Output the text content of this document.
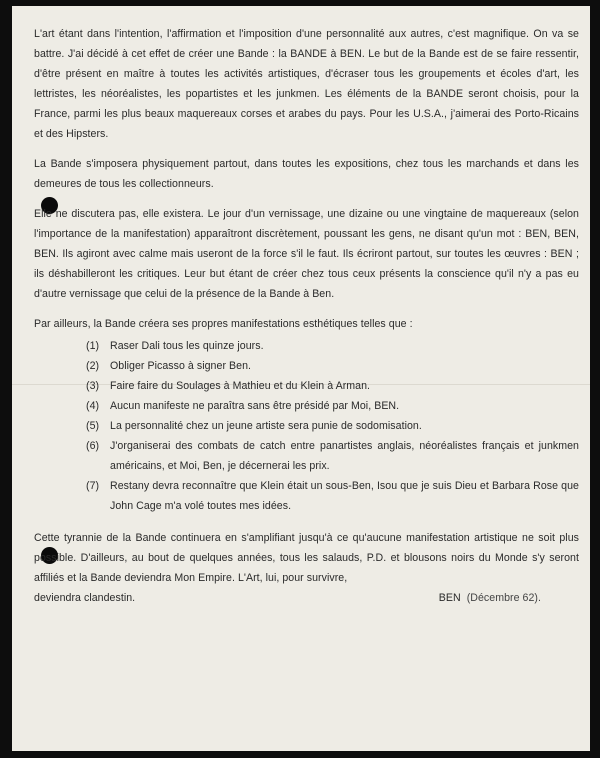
L'art étant dans l'intention, l'affirmation et l'imposition d'une personnalité aux autres, c'est magnifique. On va se battre. J'ai décidé à cet effet de créer une Bande : la BANDE à BEN. Le but de la Bande est de se faire ressentir, d'être présent en maître à toutes les activités artistiques, d'écraser tous les groupements et écoles d'art, les lettristes, les néoréalistes, les popartistes et les junkmen. Les éléments de la BANDE seront choisis, pour la France, parmi les plus beaux maquereaux corses et arabes du pays. Pour les U.S.A., j'aimerai des Porto-Ricains et des Hipsters.

La Bande s'imposera physiquement partout, dans toutes les expositions, chez tous les marchands et dans les demeures de tous les collectionneurs.

Elle ne discutera pas, elle existera. Le jour d'un vernissage, une dizaine ou une vingtaine de maquereaux (selon l'importance de la manifestation) apparaîtront discrètement, poussant les gens, ne disant qu'un mot : BEN, BEN, BEN. Ils agiront avec calme mais useront de la force s'il le faut. Ils écriront partout, sur toutes les œuvres : BEN ; ils déshabilleront les critiques. Leur but étant de créer chez tous ceux présents la conscience qu'il n'y a pas eu d'autre vernissage que celui de la présence de la Bande à Ben.

Par ailleurs, la Bande créera ses propres manifestations esthétiques telles que :

(1)	Raser Dali tous les quinze jours.
(2)	Obliger Picasso à signer Ben.
(3)	Faire faire du Soulages à Mathieu et du Klein à Arman.
(4)	Aucun manifeste ne paraîtra sans être présidé par Moi, BEN.
(5)	La personnalité chez un jeune artiste sera punie de sodomisation.
(6)	J'organiserai des combats de catch entre panartistes anglais, néoréalistes français et junkmen américains, et Moi, Ben, je décernerai les prix.
(7)	Restany devra reconnaître que Klein était un sous-Ben, Isou que je suis Dieu et Barbara Rose que John Cage m'a volé toutes mes idées.

Cette tyrannie de la Bande continuera en s'amplifiant jusqu'à ce qu'aucune manifestation artistique ne soit plus possible. D'ailleurs, au bout de quelques années, tous les salauds, P.D. et blousons noirs du Monde s'y seront affiliés et la Bande deviendra Mon Empire. L'Art, lui, pour survivre,

deviendra clandestin.	BEN (Décembre 62).
